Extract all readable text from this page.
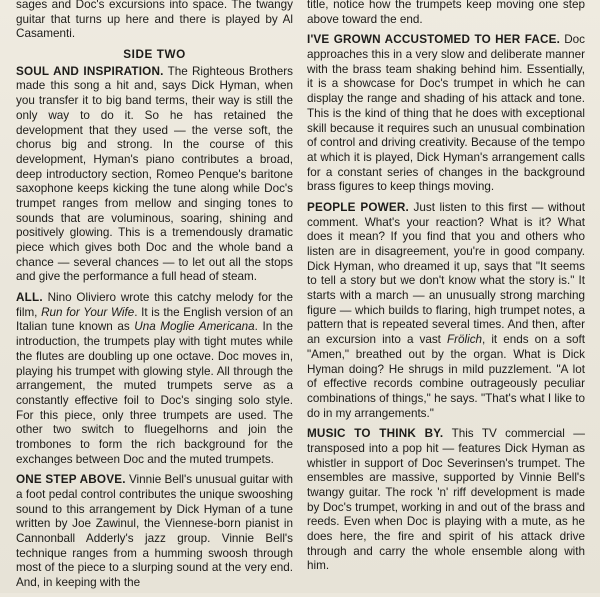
sages and Doc's excursions into space. The twangy guitar that turns up here and there is played by Al Casamenti.

SIDE TWO

SOUL AND INSPIRATION. The Righteous Brothers made this song a hit and, says Dick Hyman, when you transfer it to big band terms, their way is still the only way to do it. So he has retained the development that they used — the verse soft, the chorus big and strong. In the course of this development, Hyman's piano contributes a broad, deep introductory section, Romeo Penque's baritone saxophone keeps kicking the tune along while Doc's trumpet ranges from mellow and singing tones to sounds that are voluminous, soaring, shining and positively glowing. This is a tremendously dramatic piece which gives both Doc and the whole band a chance — several chances — to let out all the stops and give the performance a full head of steam.

ALL. Nino Oliviero wrote this catchy melody for the film, Run for Your Wife. It is the English version of an Italian tune known as Una Moglie Americana. In the introduction, the trumpets play with tight mutes while the flutes are doubling up one octave. Doc moves in, playing his trumpet with glowing style. All through the arrangement, the muted trumpets serve as a constantly effective foil to Doc's singing solo style. For this piece, only three trumpets are used. The other two switch to fluegelhorns and join the trombones to form the rich background for the exchanges between Doc and the muted trumpets.

ONE STEP ABOVE. Vinnie Bell's unusual guitar with a foot pedal control contributes the unique swooshing sound to this arrangement by Dick Hyman of a tune written by Joe Zawinul, the Viennese-born pianist in Cannonball Adderly's jazz group. Vinnie Bell's technique ranges from a humming swoosh through most of the piece to a slurping sound at the very end. And, in keeping with the

title, notice how the trumpets keep moving one step above toward the end.

I'VE GROWN ACCUSTOMED TO HER FACE. Doc approaches this in a very slow and deliberate manner with the brass team shaking behind him. Essentially, it is a showcase for Doc's trumpet in which he can display the range and shading of his attack and tone. This is the kind of thing that he does with exceptional skill because it requires such an unusual combination of control and driving creativity. Because of the tempo at which it is played, Dick Hyman's arrangement calls for a constant series of changes in the background brass figures to keep things moving.

PEOPLE POWER. Just listen to this first — without comment. What's your reaction? What is it? What does it mean? If you find that you and others who listen are in disagreement, you're in good company. Dick Hyman, who dreamed it up, says that "It seems to tell a story but we don't know what the story is." It starts with a march — an unusually strong marching figure — which builds to flaring, high trumpet notes, a pattern that is repeated several times. And then, after an excursion into a vast Frölich, it ends on a soft "Amen," breathed out by the organ. What is Dick Hyman doing? He shrugs in mild puzzlement. "A lot of effective records combine outrageously peculiar combinations of things," he says. "That's what I like to do in my arrangements."

MUSIC TO THINK BY. This TV commercial — transposed into a pop hit — features Dick Hyman as whistler in support of Doc Severinsen's trumpet. The ensembles are massive, supported by Vinnie Bell's twangy guitar. The rock 'n' riff development is made by Doc's trumpet, working in and out of the brass and reeds. Even when Doc is playing with a mute, as he does here, the fire and spirit of his attack drive through and carry the whole ensemble along with him.
